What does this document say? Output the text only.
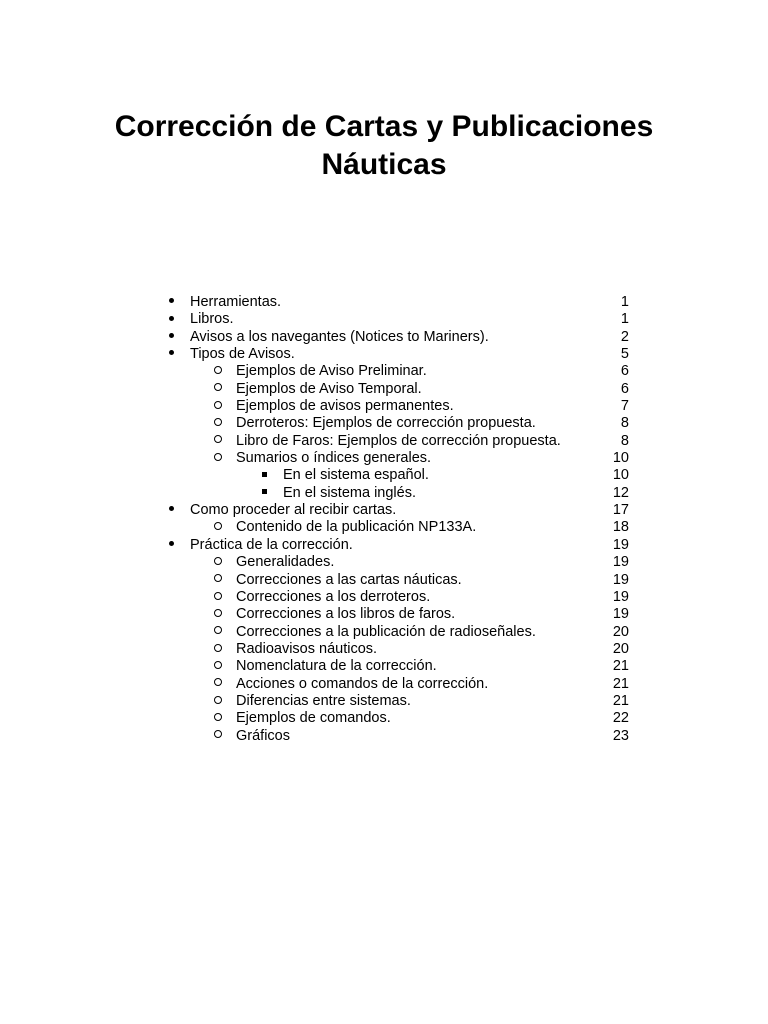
Corrección de Cartas y Publicaciones
Náuticas
Herramientas.	1
Libros.	1
Avisos a los navegantes (Notices to Mariners).	2
Tipos de Avisos.	5
Ejemplos de Aviso Preliminar.	6
Ejemplos de Aviso Temporal.	6
Ejemplos de avisos permanentes.	7
Derroteros: Ejemplos de corrección propuesta.	8
Libro de Faros: Ejemplos de corrección propuesta.	8
Sumarios o índices generales.	10
En el sistema español.	10
En el sistema inglés.	12
Como proceder al recibir cartas.	17
Contenido de la publicación NP133A.	18
Práctica de la corrección.	19
Generalidades.	19
Correcciones a las cartas náuticas.	19
Correcciones a los derroteros.	19
Correcciones a los libros de faros.	19
Correcciones a la publicación de radioseñales.	20
Radioavisos náuticos.	20
Nomenclatura de la corrección.	21
Acciones o comandos de la corrección.	21
Diferencias entre sistemas.	21
Ejemplos de comandos.	22
Gráficos	23
